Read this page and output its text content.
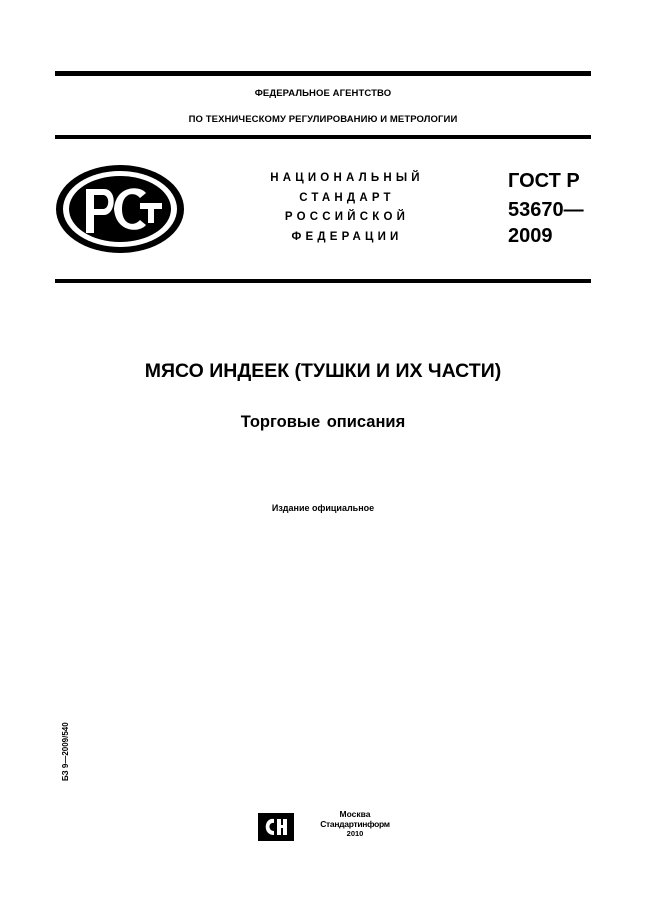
ФЕДЕРАЛЬНОЕ АГЕНТСТВО
ПО ТЕХНИЧЕСКОМУ РЕГУЛИРОВАНИЮ И МЕТРОЛОГИИ
НАЦИОНАЛЬНЫЙ
СТАНДАРТ
РОССИЙСКОЙ
ФЕДЕРАЦИИ
ГОСТ Р
53670—
2009
МЯСО ИНДЕЕК (ТУШКИ И ИХ ЧАСТИ)
Торговые описания
Издание официальное
БЗ 9—2009/540
Москва
Стандартинформ
2010
